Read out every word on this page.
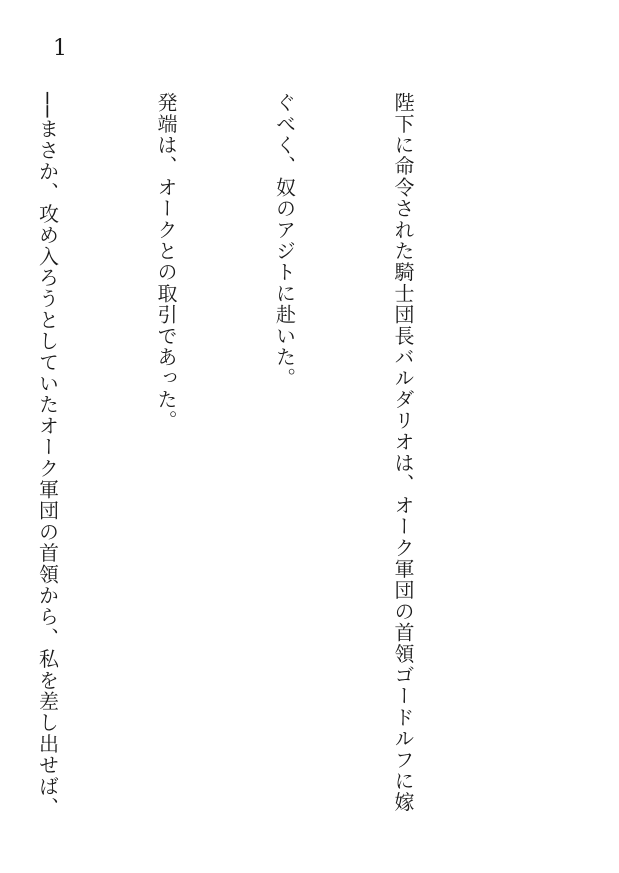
1

陛下に命令された騎士団長バルダリオは、オーク軍団の首領ゴードルフに嫁

ぐべく、奴のアジトに赴いた。

発端は、オークとの取引であった。

──まさか、攻め入ろうとしていたオーク軍団の首領から、私を差し出せば、
